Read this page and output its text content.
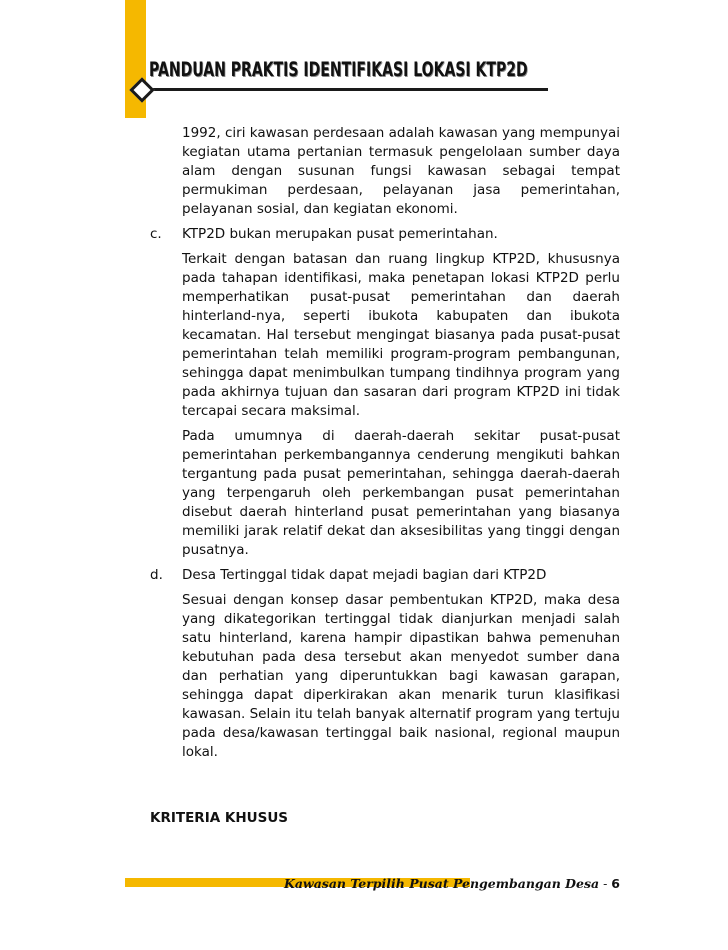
PANDUAN PRAKTIS IDENTIFIKASI LOKASI KTP2D

1992, ciri kawasan perdesaan adalah kawasan yang mempunyai kegiatan utama pertanian termasuk pengelolaan sumber daya alam dengan susunan fungsi kawasan sebagai tempat permukiman perdesaan, pelayanan jasa pemerintahan, pelayanan sosial, dan kegiatan ekonomi.

c.	KTP2D bukan merupakan pusat pemerintahan.

Terkait dengan batasan dan ruang lingkup KTP2D, khususnya pada tahapan identifikasi, maka penetapan lokasi KTP2D perlu memperhatikan pusat-pusat pemerintahan dan daerah hinterland-nya, seperti ibukota kabupaten dan ibukota kecamatan. Hal tersebut mengingat biasanya pada pusat-pusat pemerintahan telah memiliki program-program pembangunan, sehingga dapat menimbulkan tumpang tindihnya program yang pada akhirnya tujuan dan sasaran dari program KTP2D ini tidak tercapai secara maksimal.

Pada umumnya di daerah-daerah sekitar pusat-pusat pemerintahan perkembangannya cenderung mengikuti bahkan tergantung pada pusat pemerintahan, sehingga daerah-daerah yang terpengaruh oleh perkembangan pusat pemerintahan disebut daerah hinterland pusat pemerintahan yang biasanya memiliki jarak relatif dekat dan aksesibilitas yang tinggi dengan pusatnya.

d.	Desa Tertinggal tidak dapat mejadi bagian dari KTP2D

Sesuai dengan konsep dasar pembentukan KTP2D, maka desa yang dikategorikan tertinggal tidak dianjurkan menjadi salah satu hinterland, karena hampir dipastikan bahwa pemenuhan kebutuhan pada desa tersebut akan menyedot sumber dana dan perhatian yang diperuntukkan bagi kawasan garapan, sehingga dapat diperkirakan akan menarik turun klasifikasi kawasan. Selain itu telah banyak alternatif program yang tertuju pada desa/kawasan tertinggal baik nasional, regional maupun lokal.

KRITERIA KHUSUS

Kawasan Terpilih Pusat Pengembangan Desa - 6
